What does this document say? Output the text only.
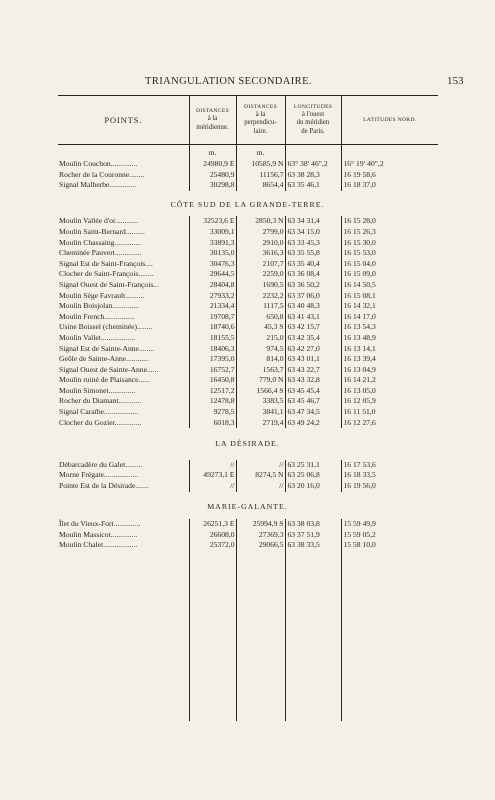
TRIANGULATION SECONDAIRE.	153
POINTS.	DISTANCES
à la
méridienne.	DISTANCES
à la
perpendicu-
laire.	LONGITUDES
à l'ouest
du méridien
de Paris.	LATITUDES NORD.
	m.	m.		
Moulin Couchon..............	24980,9 E	10585,9 N	63° 38′ 46″,2	16° 19′ 40″,2
Rocher de la Couronne........	25480,9	11156,7	63 38 28,3	16 19 58,6
Signal Malherbe..............	30298,8	8654,4	63 35 46,1	16 18 37,0
CÔTE SUD DE LA GRANDE-TERRE.				
Moulin Vallée d'or............	32523,6 E	2850,3 N	63 34 31,4	16 15 28,0
Moulin Saint-Bernard..........	33009,1	2799,0	63 34 15,0	16 15 26,3
Moulin Chassaing..............	33891,3	2910,0	63 33 45,3	16 15 30,0
Cheminée Pauvert..............	30135,0	3616,3	63 35 55,8	16 15 53,0
Signal Est de Saint-François....	30476,3	2107,7	63 35 40,4	16 15 04,0
Clocher de Saint-François........	29644,5	2259,0	63 36 08,4	16 15 09,0
Signal Ouest de Saint-François...	28404,8	1690,5	63 36 50,2	16 14 50,5
Moulin Sège Favrault..........	27933,2	2232,2	63 37 06,0	16 15 08,1
Moulin Boisjolan..............	21334,4	1117,5	63 40 48,3	16 14 32,1
Moulin French................	19708,7	650,8	63 41 43,1	16 14 17,0
Usine Boissel (cheminée)........	18740,6	45,3 S	63 42 15,7	16 13 54,3
Moulin Vallet..................	18155,5	215,0	63 42 35,4	16 13 48,9
Signal Est de Sainte-Anne........	18406,3	974,5	63 42 27,0	16 13 14,1
Geôle de Sainte-Anne............	17395,0	814,0	63 43 01,1	16 13 39,4
Signal Ouest de Sainte-Anne......	16752,7	1563,7	63 43 22,7	16 13 04,9
Moulin ruiné de Plaisance......	16450,8	779,0 N	63 43 32,8	16 14 21,2
Moulin Simonet..............	12517,2	1566,4 S	63 45 45,4	16 13 05,0
Rocher du Diamant............	12478,8	3383,5	63 45 46,7	16 12 05,9
Signal Caraïbe..................	9278,5	3841,1	63 47 34,5	16 11 51,0
Clocher du Gozier..............	6018,3	2719,4	63 49 24,2	16 12 27,6
LA DÉSIRADE.				
Débarcadère du Galet.........	//	//	63 25 31,1	16 17 53,6
Morne Frégate..................	49273,1 E	8274,5 N	63 25 06,8	16 18 33,5
Pointe Est de la Désirade.......	//	//	63 20 16,0	16 19 56,0
MARIE-GALANTE.				
Îlet du Vieux-Fort..............	26251,3 E	25994,9 S	63 38 03,8	15 59 49,9
Moulin Massicot..............	26608,0	27369,3	63 37 51,9	15 59 05,2
Moulin Chalet..................	25372,0	29066,5	63 38 33,5	15 58 10,0
